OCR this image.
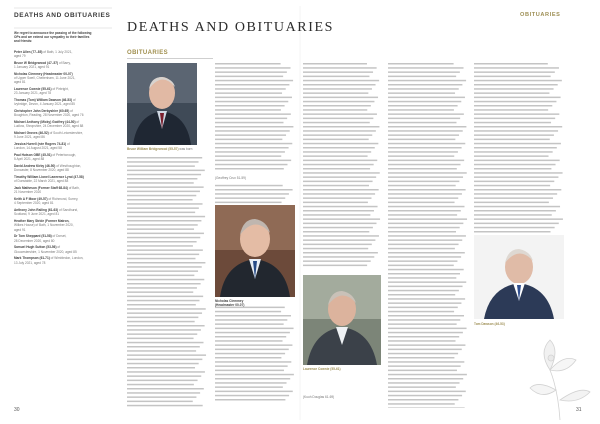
DEATHS AND OBITUARIES
We regret to announce the passing of the following
OPs and we extend our sympathy to their families
and friends:
Peter Allen (77–85) of Bath, 1 July 2021,
aged 79
Bruce W Bridgewood (47–57) of Barry,
1 January 2021, aged 91
Nicholas Clemmey (Headmaster 00-07)
of Upper Swell, Cheltenham, 11 June 2021,
aged 81
Laurence Cownie (55-61) of Pirbright,
23 January 2021, aged 78
Thomas (Tom) William Dawson (46-53) of
Ivybridge, Devon, 4 January 2021, aged 85
Christopher John Derbyshire (60-65) of
Boughton, Reading, 28 November 2020, aged 76
Michael Anthony (Micky) Godfrey (44-50) of
Ludlow, Shropshire, 24 December 2020, aged 88
Michael Groves (46-52) of South Leicestershire,
9 June 2021, aged 86
Jessica Hurrell (née Rogers 74-81) of
London, 14 August 2021, aged 58
Paul Hutson OBE (45-51) of Peterborough,
5 April 2021, aged 88
David Andrew Kirby (46-50) of Westhoughton,
Doncaster, 8 November 2020, aged 88
Timothy William Lionel Lawrence Lynd (47-58)
of Dunstable, 22 March 2021, aged 88
Jack Matheson (Former Staff 68-84) of Bath,
21 November 2020
Keith A F Moor (49-57) of Richmond, Surrey,
4 September 2020, aged 81
Anthony John Railing (61-63) of Sandhurst,
Scotland, 9 June 2021, aged 81
Heather Mary Stride (Former Matron,
Wilkes House) of Bath, 1 November 2020,
aged 91
Dr Tom Sheppard (51-58) of Dorset,
28 December 2020, aged 80
Samuel Hugh Sutton (53-56) of
Gloucestershire, 1 November 2020, aged 85
Mark Thompson (61-71) of Wimbledon, London,
13 July 2021, aged 78
DEATHS AND OBITUARIES
OBITUARIES
OBITUARIES
Bruce William Bridgewood (55-57) was born
Nicholas Clemmey
(Headmaster 00-07)
Laurence Cownie (55-61)
Tom Dawson (46-53)
(Geoffrey Crux 51-59)
(Kuoh Douglas 61-69)
30	31
